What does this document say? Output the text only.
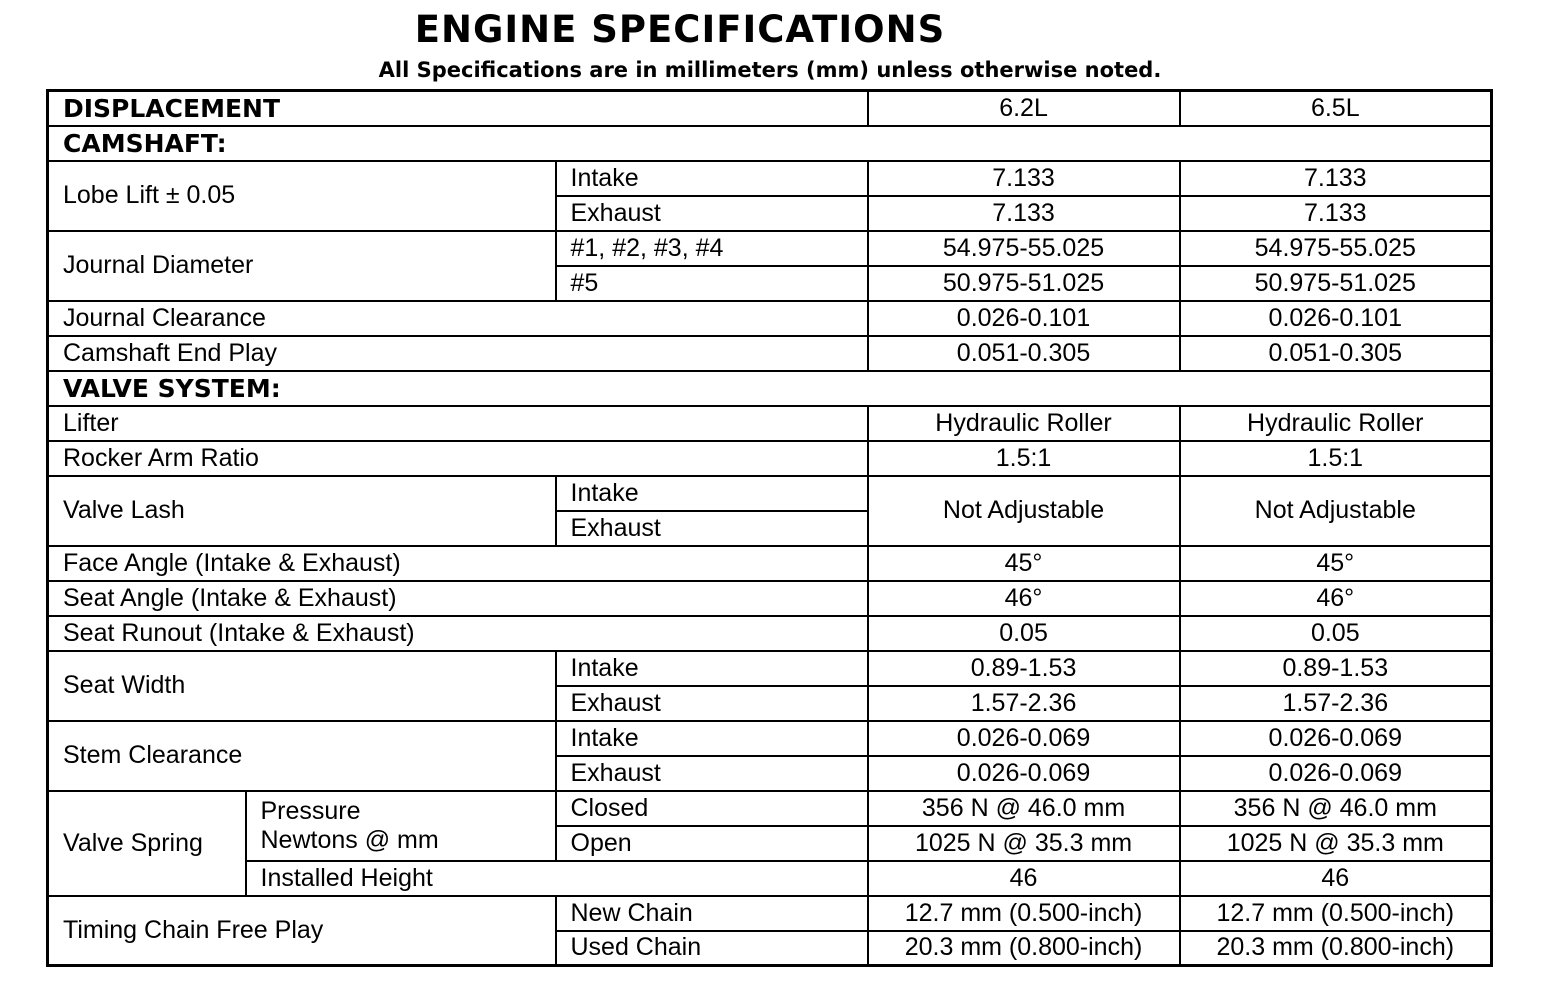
ENGINE SPECIFICATIONS
All Specifications are in millimeters (mm) unless otherwise noted.
DISPLACEMENT			6.2L	6.5L
CAMSHAFT:				
Lobe Lift ± 0.05		Intake	7.133	7.133
		Exhaust	7.133	7.133
Journal Diameter		#1, #2, #3, #4	54.975-55.025	54.975-55.025
		#5	50.975-51.025	50.975-51.025
Journal Clearance			0.026-0.101	0.026-0.101
Camshaft End Play			0.051-0.305	0.051-0.305
VALVE SYSTEM:				
Lifter			Hydraulic Roller	Hydraulic Roller
Rocker Arm Ratio			1.5:1	1.5:1
Valve Lash		Intake	Not Adjustable	Not Adjustable
		Exhaust		
Face Angle (Intake & Exhaust)			45°	45°
Seat Angle (Intake & Exhaust)			46°	46°
Seat Runout (Intake & Exhaust)			0.05	0.05
Seat Width		Intake	0.89-1.53	0.89-1.53
		Exhaust	1.57-2.36	1.57-2.36
Stem Clearance		Intake	0.026-0.069	0.026-0.069
		Exhaust	0.026-0.069	0.026-0.069
Valve Spring	Pressure
Newtons @ mm	Closed	356 N @ 46.0 mm	356 N @ 46.0 mm
		Open	1025 N @ 35.3 mm	1025 N @ 35.3 mm
	Installed Height		46	46
Timing Chain Free Play		New Chain	12.7 mm (0.500-inch)	12.7 mm (0.500-inch)
		Used Chain	20.3 mm (0.800-inch)	20.3 mm (0.800-inch)
